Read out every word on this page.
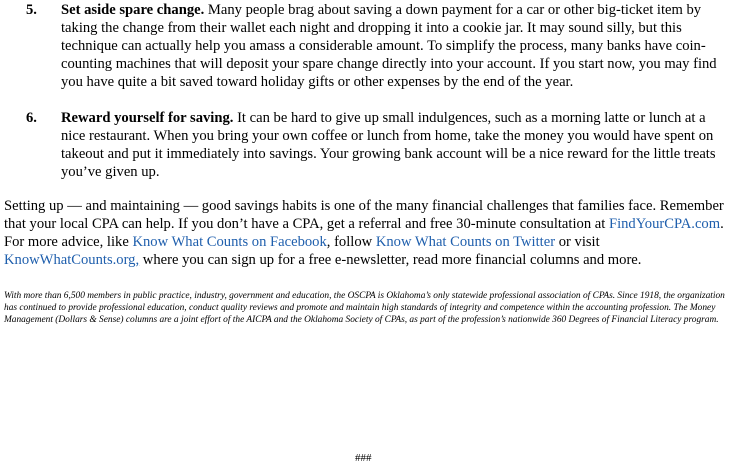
5. Set aside spare change. Many people brag about saving a down payment for a car or other big-ticket item by taking the change from their wallet each night and dropping it into a cookie jar. It may sound silly, but this technique can actually help you amass a considerable amount. To simplify the process, many banks have coin-counting machines that will deposit your spare change directly into your account. If you start now, you may find you have quite a bit saved toward holiday gifts or other expenses by the end of the year.
6. Reward yourself for saving. It can be hard to give up small indulgences, such as a morning latte or lunch at a nice restaurant. When you bring your own coffee or lunch from home, take the money you would have spent on takeout and put it immediately into savings. Your growing bank account will be a nice reward for the little treats you’ve given up.

Setting up — and maintaining — good savings habits is one of the many financial challenges that families face. Remember that your local CPA can help. If you don’t have a CPA, get a referral and free 30-minute consultation at FindYourCPA.com. For more advice, like Know What Counts on Facebook, follow Know What Counts on Twitter or visit KnowWhatCounts.org, where you can sign up for a free e-newsletter, read more financial columns and more.

With more than 6,500 members in public practice, industry, government and education, the OSCPA is Oklahoma’s only statewide professional association of CPAs. Since 1918, the organization has continued to provide professional education, conduct quality reviews and promote and maintain high standards of integrity and competence within the accounting profession. The Money Management (Dollars & Sense) columns are a joint effort of the AICPA and the Oklahoma Society of CPAs, as part of the profession’s nationwide 360 Degrees of Financial Literacy program.

###
